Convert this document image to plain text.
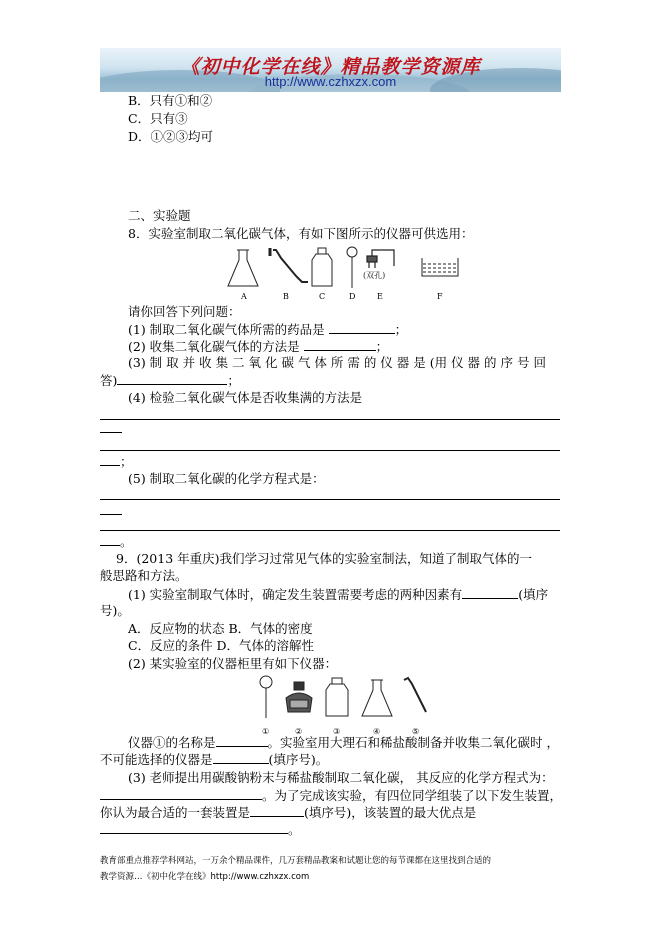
《初中化学在线》精品教学资源库
http://www.czhxzx.com
B．只有①和②
C．只有③
D．①②③均可
二、实验题
8．实验室制取二氧化碳气体，有如下图所示的仪器可供选用：
(双孔)
A	B	C	D	E	F
请你回答下列问题：
(1) 制取二氧化碳气体所需的药品是	；
(2) 收集二氧化碳气体的方法是	；
(3) 制 取 并 收 集 二 氧 化 碳 气 体 所 需 的 仪 器 是 (用 仪 器 的 序 号 回
答)	；
(4) 检验二氧化碳气体是否收集满的方法是
；
(5) 制取二氧化碳的化学方程式是：
。
9．(2013 年重庆)我们学习过常见气体的实验室制法，知道了制取气体的一
般思路和方法。
(1) 实验室制取气体时，确定发生装置需要考虑的两种因素有	(填序
号)。
A．反应物的状态 B．气体的密度
C．反应的条件 D．气体的溶解性
(2) 某实验室的仪器柜里有如下仪器：
①	②	③	④	⑤
仪器①的名称是	。实验室用大理石和稀盐酸制备并收集二氧化碳时 ，
不可能选择的仪器是	(填序号)。
(3) 老师提出用碳酸钠粉末与稀盐酸制取二氧化碳， 其反应的化学方程式为：
。为了完成该实验，有四位同学组装了以下发生装置，
你认为最合适的一套装置是	(填序号)，该装置的最大优点是
。
教育部重点推荐学科网站，一万余个精品课件，几万套精品教案和试题让您的每节课都在这里找到合适的
教学资源…《初中化学在线》http://www.czhxzx.com
